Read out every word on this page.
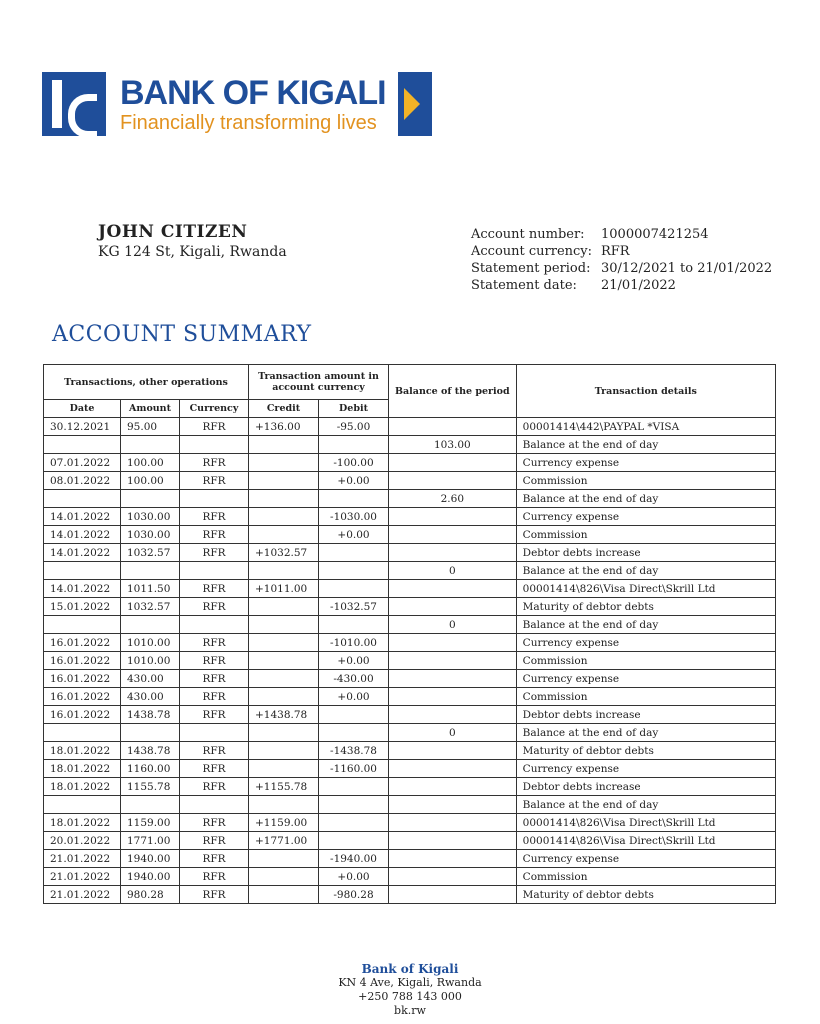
BANK OF KIGALI
Financially transforming lives
JOHN CITIZEN
KG 124 St, Kigali, Rwanda
Account number:	1000007421254
Account currency: RFR
Statement period: 30/12/2021 to 21/01/2022
Statement date:	21/01/2022
ACCOUNT SUMMARY
Transactions, other operations			Transaction amount in account currency		Balance of the period	Transaction details
Date	Amount	Currency	Credit	Debit		
30.12.2021	95.00	RFR	+136.00	-95.00		00001414\442\PAYPAL *VISA
					103.00	Balance at the end of day
07.01.2022	100.00	RFR		-100.00		Currency expense
08.01.2022	100.00	RFR		+0.00		Commission
					2.60	Balance at the end of day
14.01.2022	1030.00	RFR		-1030.00		Currency expense
14.01.2022	1030.00	RFR		+0.00		Commission
14.01.2022	1032.57	RFR	+1032.57			Debtor debts increase
					0	Balance at the end of day
14.01.2022	1011.50	RFR	+1011.00			00001414\826\Visa Direct\Skrill Ltd
15.01.2022	1032.57	RFR		-1032.57		Maturity of debtor debts
					0	Balance at the end of day
16.01.2022	1010.00	RFR		-1010.00		Currency expense
16.01.2022	1010.00	RFR		+0.00		Commission
16.01.2022	430.00	RFR		-430.00		Currency expense
16.01.2022	430.00	RFR		+0.00		Commission
16.01.2022	1438.78	RFR	+1438.78			Debtor debts increase
					0	Balance at the end of day
18.01.2022	1438.78	RFR		-1438.78		Maturity of debtor debts
18.01.2022	1160.00	RFR		-1160.00		Currency expense
18.01.2022	1155.78	RFR	+1155.78			Debtor debts increase
						Balance at the end of day
18.01.2022	1159.00	RFR	+1159.00			00001414\826\Visa Direct\Skrill Ltd
20.01.2022	1771.00	RFR	+1771.00			00001414\826\Visa Direct\Skrill Ltd
21.01.2022	1940.00	RFR		-1940.00		Currency expense
21.01.2022	1940.00	RFR		+0.00		Commission
21.01.2022	980.28	RFR		-980.28		Maturity of debtor debts
Bank of Kigali
KN 4 Ave, Kigali, Rwanda
+250 788 143 000
bk.rw
